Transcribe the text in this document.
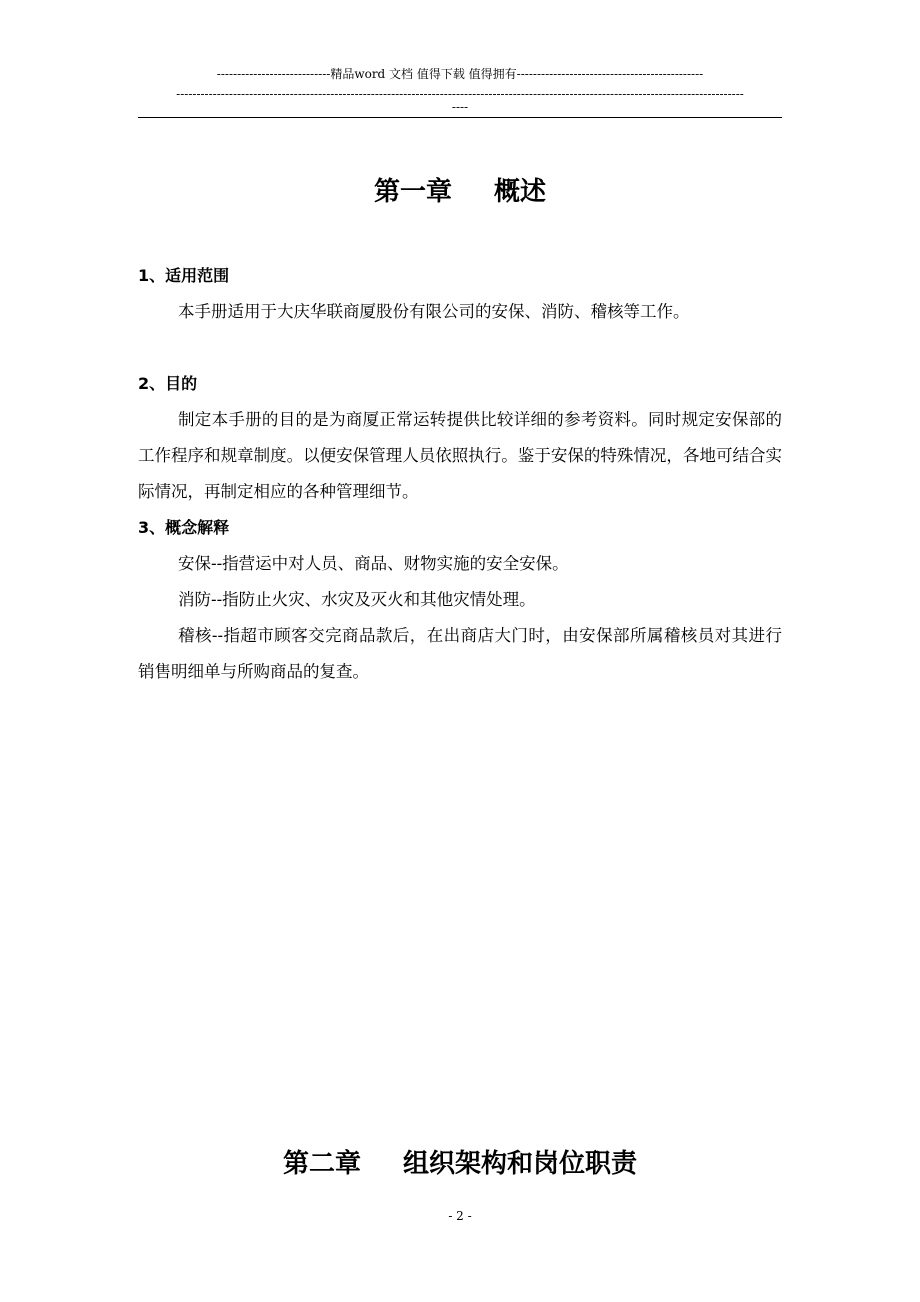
----------------------------精品word 文档 值得下载 值得拥有----------------------------------------------
--------------------------------------------------------------------------------------------------------------------------------------------
----
第一章 概述
1、适用范围
本手册适用于大庆华联商厦股份有限公司的安保、消防、稽核等工作。
2、目的
制定本手册的目的是为商厦正常运转提供比较详细的参考资料。同时规定安保部的工作程序和规章制度。以便安保管理人员依照执行。鉴于安保的特殊情况，各地可结合实际情况，再制定相应的各种管理细节。
3、概念解释
安保--指营运中对人员、商品、财物实施的安全安保。
消防--指防止火灾、水灾及灭火和其他灾情处理。
稽核--指超市顾客交完商品款后，在出商店大门时，由安保部所属稽核员对其进行销售明细单与所购商品的复查。
第二章 组织架构和岗位职责
- 2 -
